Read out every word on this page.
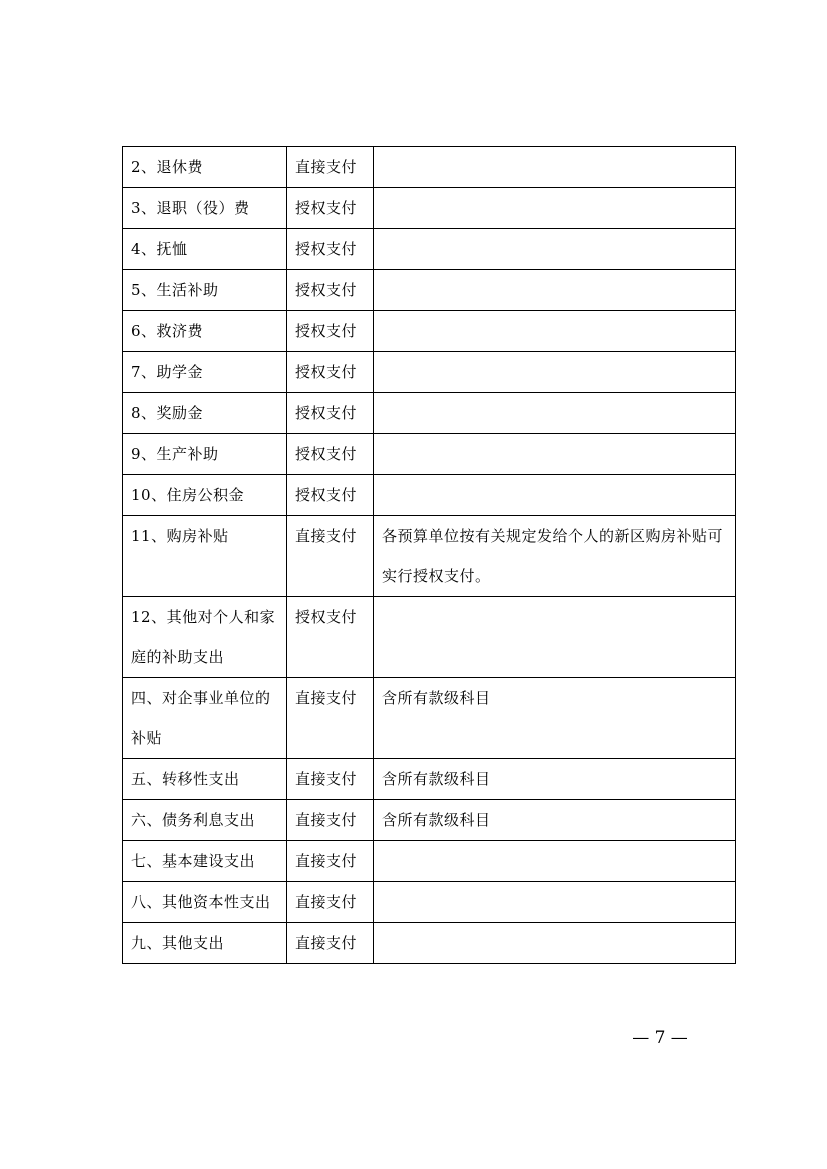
2、退休费	直接支付	
3、退职（役）费	授权支付	
4、抚恤	授权支付	
5、生活补助	授权支付	
6、救济费	授权支付	
7、助学金	授权支付	
8、奖励金	授权支付	
9、生产补助	授权支付	
10、住房公积金	授权支付	
11、购房补贴	直接支付	各预算单位按有关规定发给个人的新区购房补贴可实行授权支付。
12、其他对个人和家庭的补助支出	授权支付	
四、对企事业单位的补贴	直接支付	含所有款级科目
五、转移性支出	直接支付	含所有款级科目
六、债务利息支出	直接支付	含所有款级科目
七、基本建设支出	直接支付	
八、其他资本性支出	直接支付	
九、其他支出	直接支付	
— 7 —
